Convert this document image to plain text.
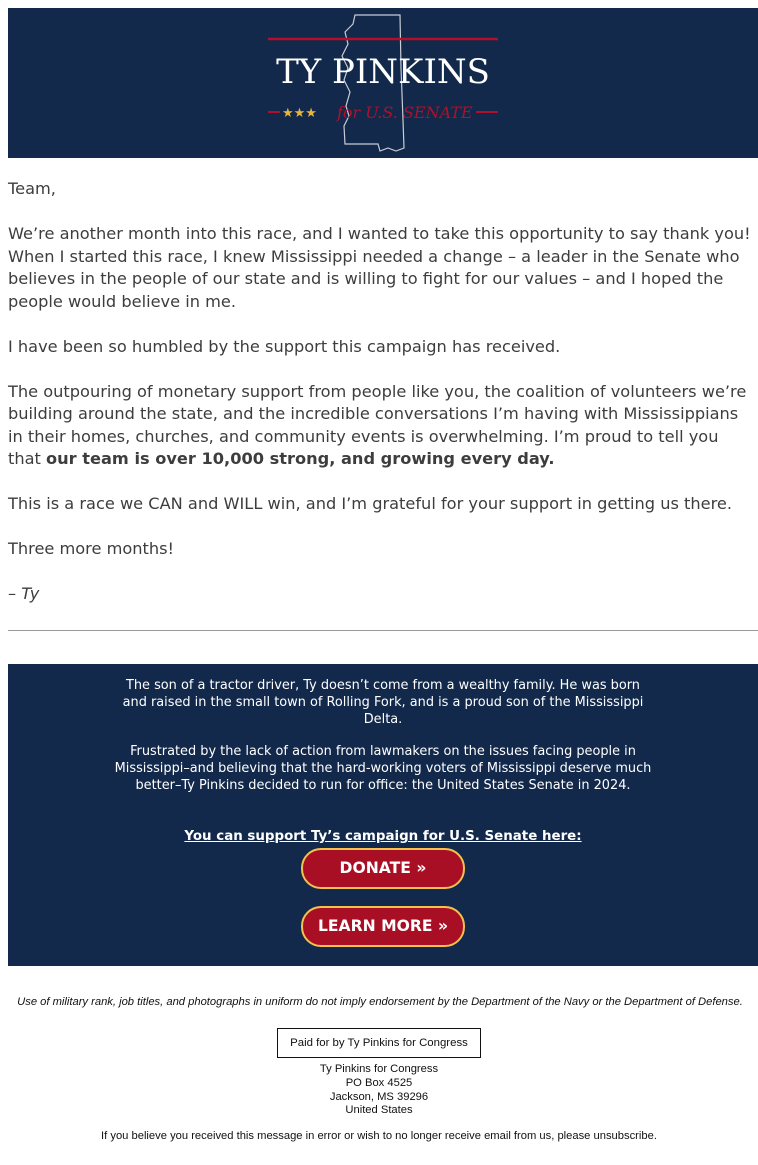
TY PINKINS
★★★ for U.S. SENATE

Team,

We’re another month into this race, and I wanted to take this opportunity to say thank you! When I started this race, I knew Mississippi needed a change – a leader in the Senate who believes in the people of our state and is willing to fight for our values – and I hoped the people would believe in me.

I have been so humbled by the support this campaign has received.

The outpouring of monetary support from people like you, the coalition of volunteers we’re building around the state, and the incredible conversations I’m having with Mississippians in their homes, churches, and community events is overwhelming. I’m proud to tell you that our team is over 10,000 strong, and growing every day.

This is a race we CAN and WILL win, and I’m grateful for your support in getting us there.

Three more months!

– Ty

The son of a tractor driver, Ty doesn’t come from a wealthy family. He was born and raised in the small town of Rolling Fork, and is a proud son of the Mississippi Delta.

Frustrated by the lack of action from lawmakers on the issues facing people in Mississippi–and believing that the hard-working voters of Mississippi deserve much better–Ty Pinkins decided to run for office: the United States Senate in 2024.

You can support Ty’s campaign for U.S. Senate here:
DONATE »
LEARN MORE »
Use of military rank, job titles, and photographs in uniform do not imply endorsement by the Department of the Navy or the Department of Defense.
Paid for by Ty Pinkins for Congress
Ty Pinkins for Congress
PO Box 4525
Jackson, MS 39296
United States
If you believe you received this message in error or wish to no longer receive email from us, please unsubscribe.
